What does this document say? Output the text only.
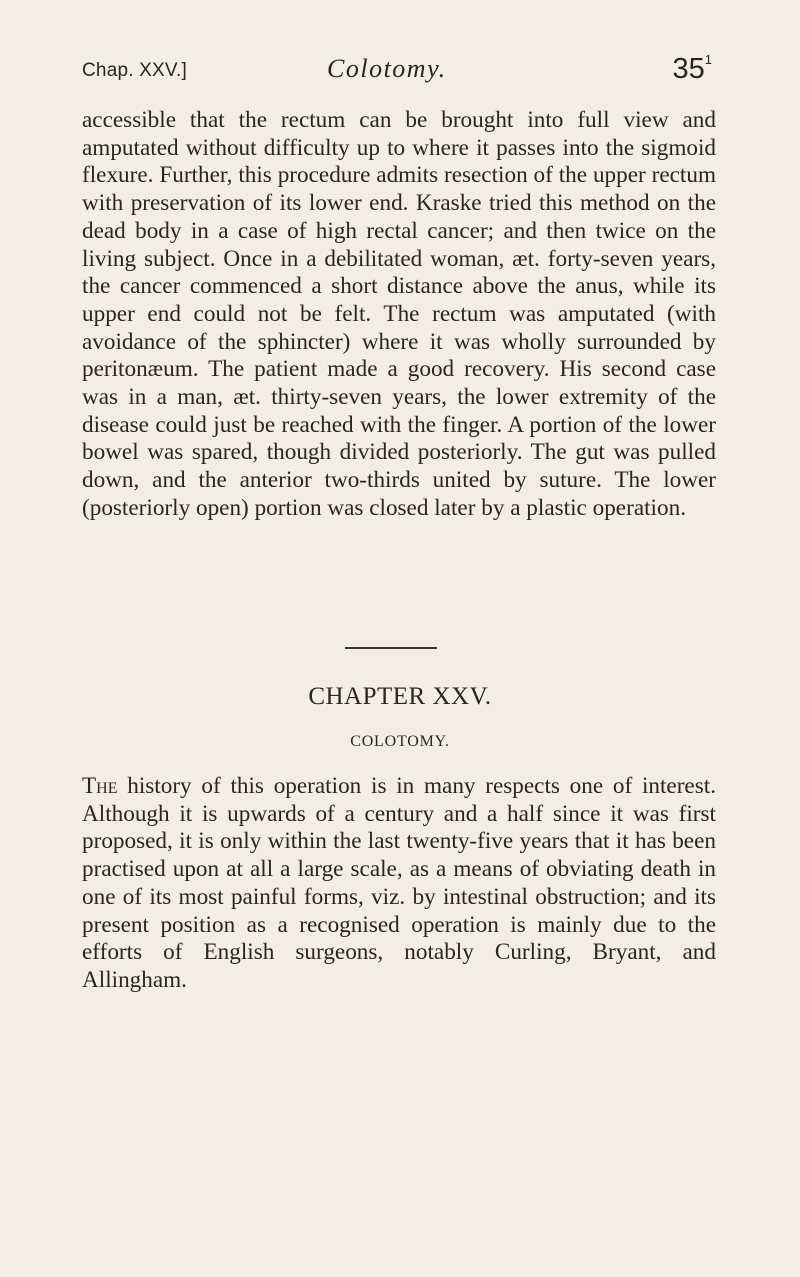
Chap. XXV.]	Colotomy.	$35^1$

accessible that the rectum can be brought into full view and amputated without difficulty up to where it passes into the sigmoid flexure. Further, this procedure admits resection of the upper rectum with preservation of its lower end. Kraske tried this method on the dead body in a case of high rectal cancer; and then twice on the living subject. Once in a debilitated woman, æt. forty-seven years, the cancer commenced a short distance above the anus, while its upper end could not be felt. The rectum was amputated (with avoidance of the sphincter) where it was wholly surrounded by peritonæum. The patient made a good recovery. His second case was in a man, æt. thirty-seven years, the lower extremity of the disease could just be reached with the finger. A portion of the lower bowel was spared, though divided posteriorly. The gut was pulled down, and the anterior two-thirds united by suture. The lower (posteriorly open) portion was closed later by a plastic operation.

CHAPTER XXV.
COLOTOMY.

The history of this operation is in many respects one of interest. Although it is upwards of a century and a half since it was first proposed, it is only within the last twenty-five years that it has been practised upon at all a large scale, as a means of obviating death in one of its most painful forms, viz. by intestinal obstruction; and its present position as a recognised operation is mainly due to the efforts of English surgeons, notably Curling, Bryant, and Allingham.
